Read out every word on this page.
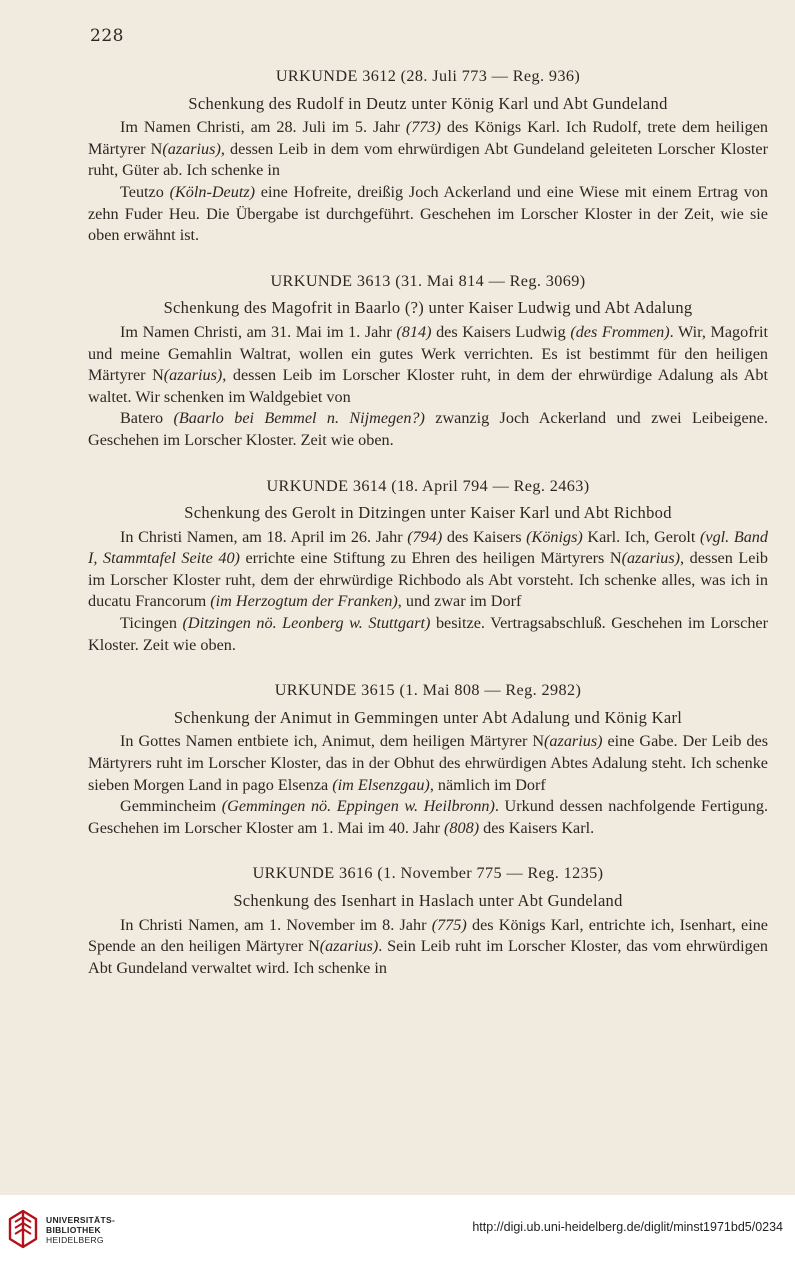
228
URKUNDE 3612 (28. Juli 773 — Reg. 936)
Schenkung des Rudolf in Deutz unter König Karl und Abt Gundeland

Im Namen Christi, am 28. Juli im 5. Jahr (773) des Königs Karl. Ich Rudolf, trete dem heiligen Märtyrer N(azarius), dessen Leib in dem vom ehrwürdigen Abt Gundeland geleiteten Lorscher Kloster ruht, Güter ab. Ich schenke in

Teutzo (Köln-Deutz) eine Hofreite, dreißig Joch Ackerland und eine Wiese mit einem Ertrag von zehn Fuder Heu. Die Übergabe ist durchgeführt. Geschehen im Lorscher Kloster in der Zeit, wie sie oben erwähnt ist.

URKUNDE 3613 (31. Mai 814 — Reg. 3069)
Schenkung des Magofrit in Baarlo (?) unter Kaiser Ludwig und Abt Adalung

Im Namen Christi, am 31. Mai im 1. Jahr (814) des Kaisers Ludwig (des Frommen). Wir, Magofrit und meine Gemahlin Waltrat, wollen ein gutes Werk verrichten. Es ist bestimmt für den heiligen Märtyrer N(azarius), dessen Leib im Lorscher Kloster ruht, in dem der ehrwürdige Adalung als Abt waltet. Wir schenken im Waldgebiet von

Batero (Baarlo bei Bemmel n. Nijmegen?) zwanzig Joch Ackerland und zwei Leibeigene. Geschehen im Lorscher Kloster. Zeit wie oben.

URKUNDE 3614 (18. April 794 — Reg. 2463)
Schenkung des Gerolt in Ditzingen unter Kaiser Karl und Abt Richbod

In Christi Namen, am 18. April im 26. Jahr (794) des Kaisers (Königs) Karl. Ich, Gerolt (vgl. Band I, Stammtafel Seite 40) errichte eine Stiftung zu Ehren des heiligen Märtyrers N(azarius), dessen Leib im Lorscher Kloster ruht, dem der ehrwürdige Richbodo als Abt vorsteht. Ich schenke alles, was ich in ducatu Francorum (im Herzogtum der Franken), und zwar im Dorf

Ticingen (Ditzingen nö. Leonberg w. Stuttgart) besitze. Vertragsabschluß. Geschehen im Lorscher Kloster. Zeit wie oben.

URKUNDE 3615 (1. Mai 808 — Reg. 2982)
Schenkung der Animut in Gemmingen unter Abt Adalung und König Karl

In Gottes Namen entbiete ich, Animut, dem heiligen Märtyrer N(azarius) eine Gabe. Der Leib des Märtyrers ruht im Lorscher Kloster, das in der Obhut des ehrwürdigen Abtes Adalung steht. Ich schenke sieben Morgen Land in pago Elsenza (im Elsenzgau), nämlich im Dorf

Gemmincheim (Gemmingen nö. Eppingen w. Heilbronn). Urkund dessen nachfolgende Fertigung. Geschehen im Lorscher Kloster am 1. Mai im 40. Jahr (808) des Kaisers Karl.

URKUNDE 3616 (1. November 775 — Reg. 1235)
Schenkung des Isenhart in Haslach unter Abt Gundeland

In Christi Namen, am 1. November im 8. Jahr (775) des Königs Karl, entrichte ich, Isenhart, eine Spende an den heiligen Märtyrer N(azarius). Sein Leib ruht im Lorscher Kloster, das vom ehrwürdigen Abt Gundeland verwaltet wird. Ich schenke in

UNIVERSITÄTS-
BIBLIOTHEK
HEIDELBERG
http://digi.ub.uni-heidelberg.de/diglit/minst1971bd5/0234
